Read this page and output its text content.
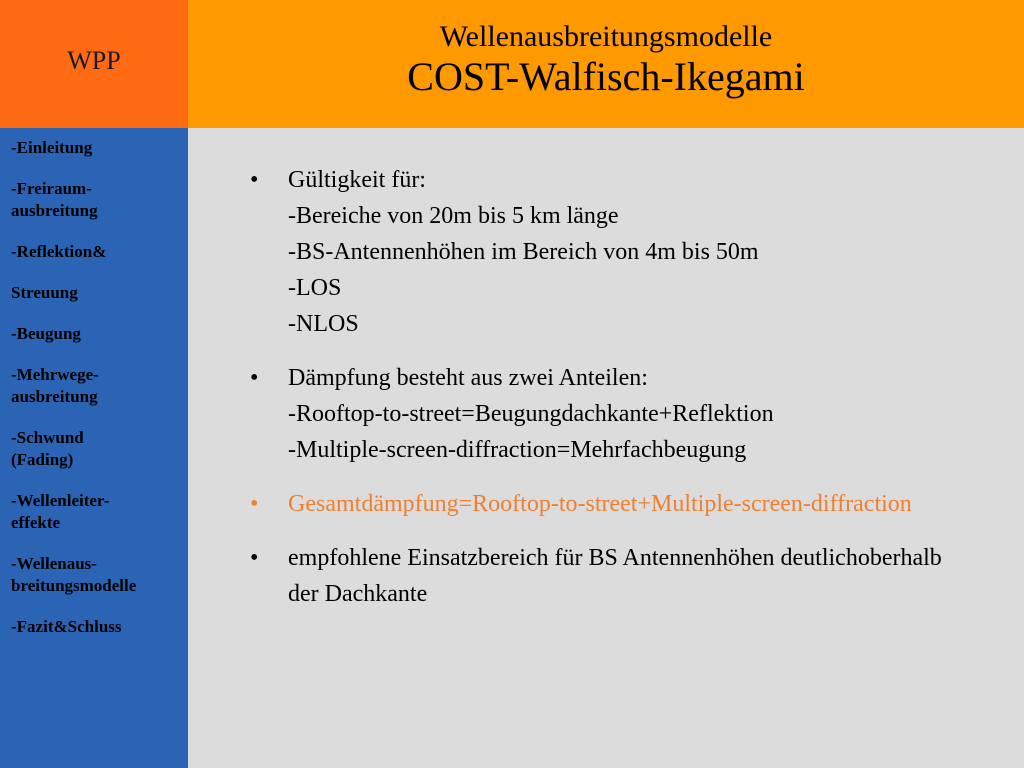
WPP
Wellenausbreitungsmodelle
COST-Walfisch-Ikegami
-Einleitung
-Freiraum-
ausbreitung
-Reflektion&
Streuung
-Beugung
-Mehrwege-
ausbreitung
-Schwund
(Fading)
-Wellenleiter-
effekte
-Wellenaus-
breitungsmodelle
-Fazit&Schluss
• Gültigkeit für:
-Bereiche von 20m bis 5 km länge
-BS-Antennenhöhen im Bereich von 4m bis 50m
-LOS
-NLOS
• Dämpfung besteht aus zwei Anteilen:
-Rooftop-to-street=Beugungdachkante+Reflektion
-Multiple-screen-diffraction=Mehrfachbeugung
• Gesamtdämpfung=Rooftop-to-street+Multiple-screen-diffraction
• empfohlene Einsatzbereich für BS Antennenhöhen deutlichoberhalb der Dachkante
